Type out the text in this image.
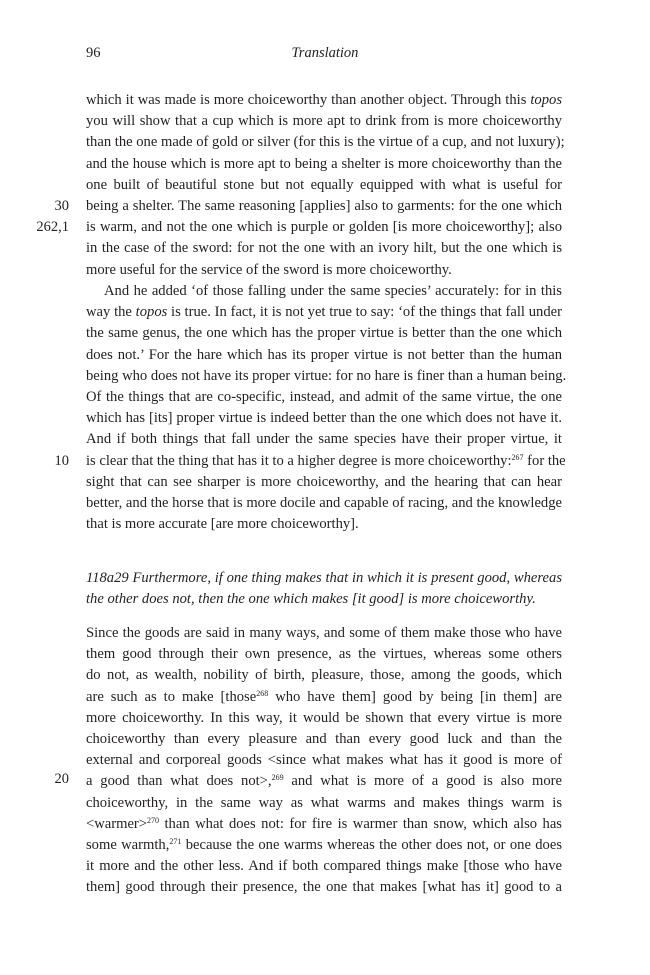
96	Translation
30
262,1
10
20
which it was made is more choiceworthy than another object. Through this topos
you will show that a cup which is more apt to drink from is more choiceworthy
than the one made of gold or silver (for this is the virtue of a cup, and not luxury);
and the house which is more apt to being a shelter is more choiceworthy than the
one built of beautiful stone but not equally equipped with what is useful for
being a shelter. The same reasoning [applies] also to garments: for the one which
is warm, and not the one which is purple or golden [is more choiceworthy]; also
in the case of the sword: for not the one with an ivory hilt, but the one which is
more useful for the service of the sword is more choiceworthy.
And he added ‘of those falling under the same species’ accurately: for in this
way the topos is true. In fact, it is not yet true to say: ‘of the things that fall under
the same genus, the one which has the proper virtue is better than the one which
does not.’ For the hare which has its proper virtue is not better than the human
being who does not have its proper virtue: for no hare is finer than a human being.
Of the things that are co-specific, instead, and admit of the same virtue, the one
which has [its] proper virtue is indeed better than the one which does not have it.
And if both things that fall under the same species have their proper virtue, it
is clear that the thing that has it to a higher degree is more choiceworthy:$^{267}$ for the
sight that can see sharper is more choiceworthy, and the hearing that can hear
better, and the horse that is more docile and capable of racing, and the knowledge
that is more accurate [are more choiceworthy].
118a29 Furthermore, if one thing makes that in which it is present good, whereas
the other does not, then the one which makes [it good] is more choiceworthy.
Since the goods are said in many ways, and some of them make those who have
them good through their own presence, as the virtues, whereas some others
do not, as wealth, nobility of birth, pleasure, those, among the goods, which
are such as to make [those$^{268}$ who have them] good by being [in them] are
more choiceworthy. In this way, it would be shown that every virtue is more
choiceworthy than every pleasure and than every good luck and than the
external and corporeal goods <since what makes what has it good is more of
a good than what does not>,$^{269}$ and what is more of a good is also more
choiceworthy, in the same way as what warms and makes things warm is
<warmer>$^{270}$ than what does not: for fire is warmer than snow, which also has
some warmth,$^{271}$ because the one warms whereas the other does not, or one does
it more and the other less. And if both compared things make [those who have
them] good through their presence, the one that makes [what has it] good to a
